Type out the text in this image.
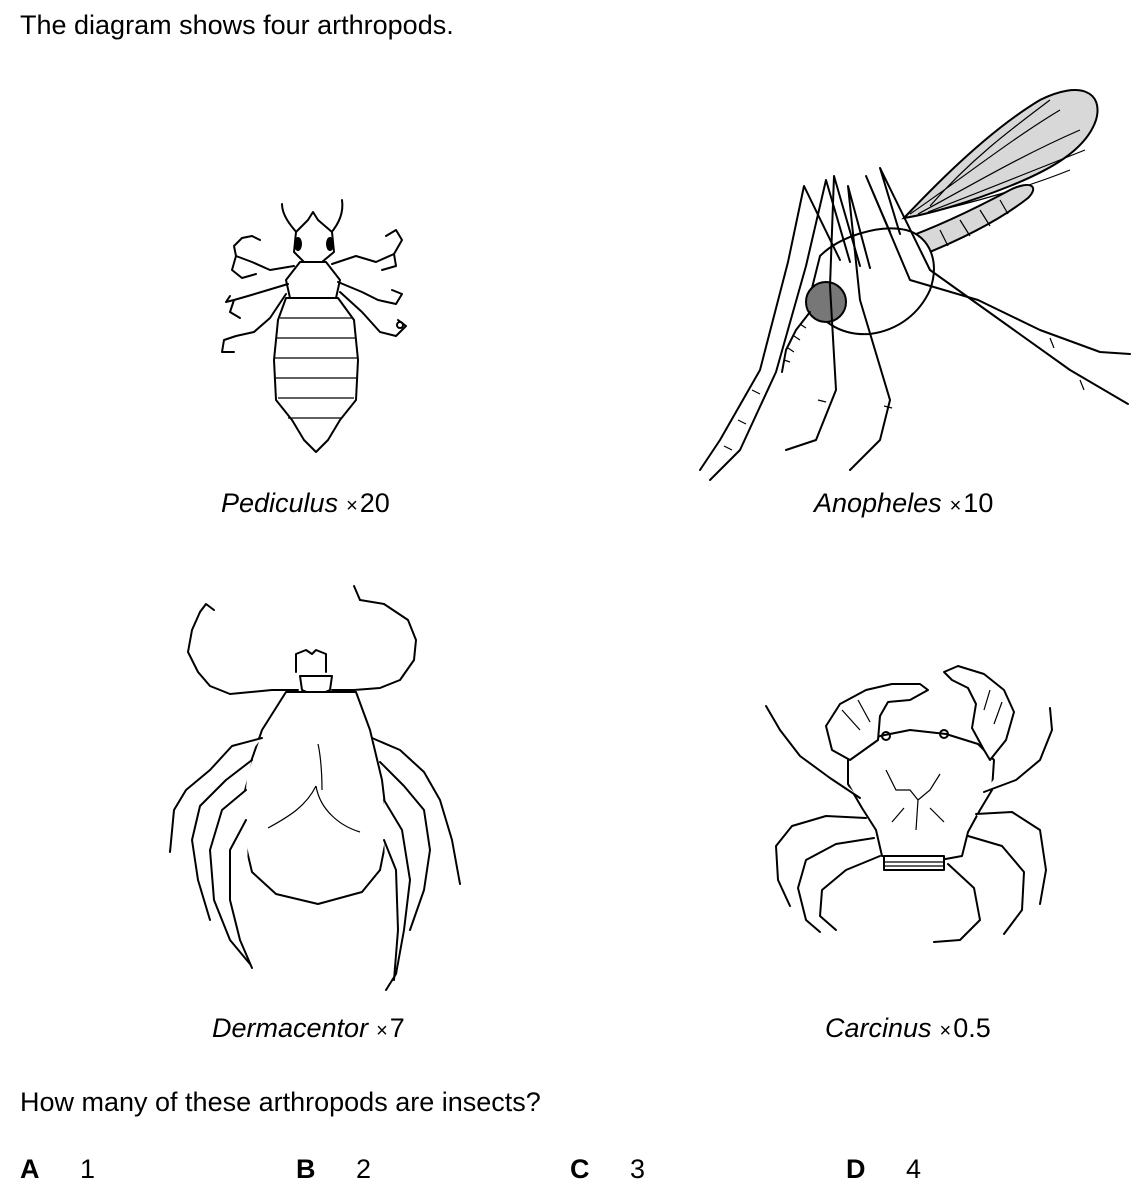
The diagram shows four arthropods.

Pediculus ×20	Anopheles ×10
Dermacentor ×7	Carcinus ×0.5

How many of these arthropods are insects?

A 1	B 2	C 3	D 4
